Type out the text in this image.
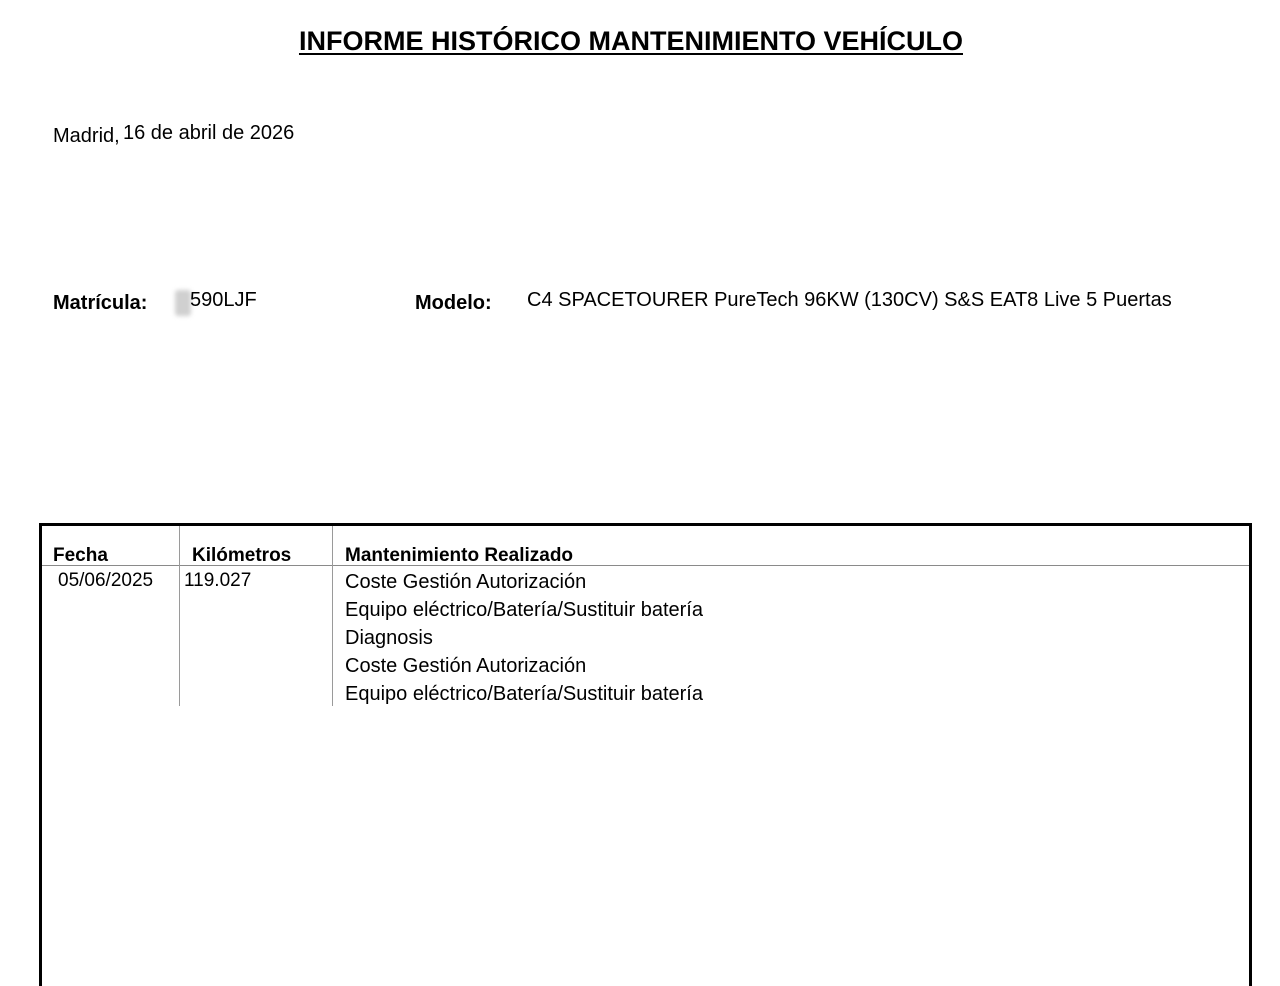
INFORME HISTÓRICO MANTENIMIENTO VEHÍCULO
Madrid, 16 de abril de 2026
Matrícula: 590LJF	Modelo: C4 SPACETOURER PureTech 96KW (130CV) S&S EAT8 Live 5 Puertas
Fecha	Kilómetros	Mantenimiento Realizado
05/06/2025 119.027	Coste Gestión Autorización
Equipo eléctrico/Batería/Sustituir batería
Diagnosis
Coste Gestión Autorización
Equipo eléctrico/Batería/Sustituir batería
